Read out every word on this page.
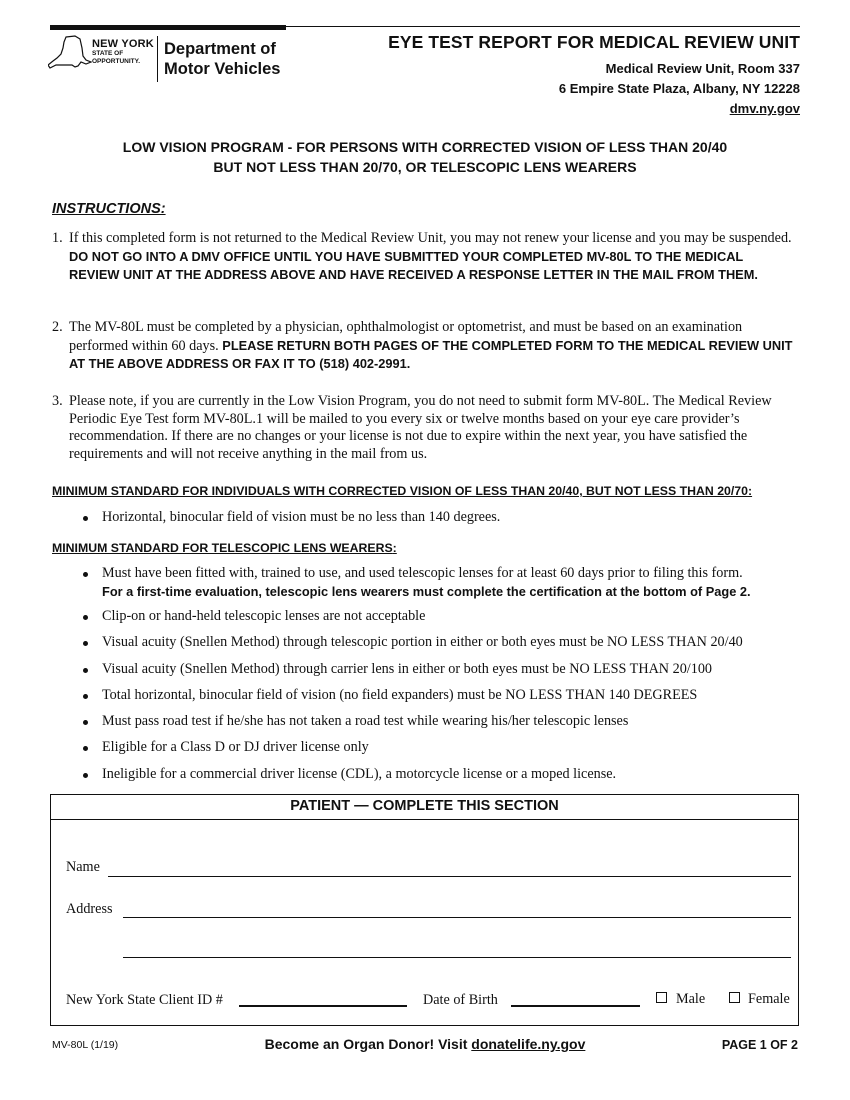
NEW YORK
STATE OF
OPPORTUNITY.
Department of
Motor Vehicles
EYE TEST REPORT FOR MEDICAL REVIEW UNIT
Medical Review Unit, Room 337
6 Empire State Plaza, Albany, NY 12228
dmv.ny.gov
LOW VISION PROGRAM - FOR PERSONS WITH CORRECTED VISION OF LESS THAN 20/40
BUT NOT LESS THAN 20/70, OR TELESCOPIC LENS WEARERS
INSTRUCTIONS:
1. If this completed form is not returned to the Medical Review Unit, you may not renew your license and you may be suspended. DO NOT GO INTO A DMV OFFICE UNTIL YOU HAVE SUBMITTED YOUR COMPLETED MV-80L TO THE MEDICAL REVIEW UNIT AT THE ADDRESS ABOVE AND HAVE RECEIVED A RESPONSE LETTER IN THE MAIL FROM THEM.
2. The MV-80L must be completed by a physician, ophthalmologist or optometrist, and must be based on an examination performed within 60 days. PLEASE RETURN BOTH PAGES OF THE COMPLETED FORM TO THE MEDICAL REVIEW UNIT AT THE ABOVE ADDRESS OR FAX IT TO (518) 402-2991.
3. Please note, if you are currently in the Low Vision Program, you do not need to submit form MV-80L. The Medical Review Periodic Eye Test form MV-80L.1 will be mailed to you every six or twelve months based on your eye care provider’s recommendation. If there are no changes or your license is not due to expire within the next year, you have satisfied the requirements and will not receive anything in the mail from us.
MINIMUM STANDARD FOR INDIVIDUALS WITH CORRECTED VISION OF LESS THAN 20/40, BUT NOT LESS THAN 20/70:
Horizontal, binocular field of vision must be no less than 140 degrees.
MINIMUM STANDARD FOR TELESCOPIC LENS WEARERS:
Must have been fitted with, trained to use, and used telescopic lenses for at least 60 days prior to filing this form.
For a first-time evaluation, telescopic lens wearers must complete the certification at the bottom of Page 2.
Clip-on or hand-held telescopic lenses are not acceptable
Visual acuity (Snellen Method) through telescopic portion in either or both eyes must be NO LESS THAN 20/40
Visual acuity (Snellen Method) through carrier lens in either or both eyes must be NO LESS THAN 20/100
Total horizontal, binocular field of vision (no field expanders) must be NO LESS THAN 140 DEGREES
Must pass road test if he/she has not taken a road test while wearing his/her telescopic lenses
Eligible for a Class D or DJ driver license only
Ineligible for a commercial driver license (CDL), a motorcycle license or a moped license.
PATIENT — COMPLETE THIS SECTION
Name
Address
New York State Client ID #	Date of Birth	Male	Female
MV-80L (1/19)	Become an Organ Donor! Visit donatelife.ny.gov	PAGE 1 OF 2
